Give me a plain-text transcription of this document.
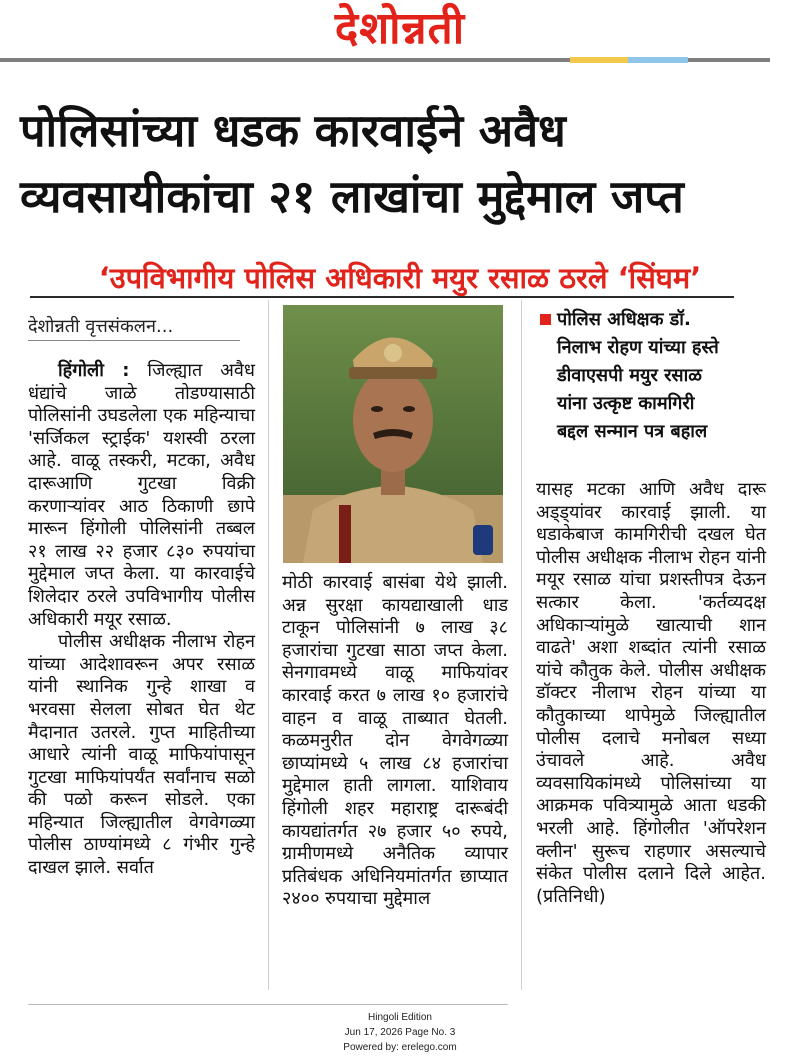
देशोन्नती
पोलिसांच्या धडक कारवाईने अवैध व्यवसायीकांचा २१ लाखांचा मुद्देमाल जप्त
‘उपविभागीय पोलिस अधिकारी मयुर रसाळ ठरले ‘सिंघम’
देशोन्नती वृत्तसंकलन...

हिंगोली : जिल्ह्यात अवैध धंद्यांचे जाळे तोडण्यासाठी पोलिसांनी उघडलेला एक महिन्याचा 'सर्जिकल स्ट्राईक' यशस्वी ठरला आहे. वाळू तस्करी, मटका, अवैध दारूआणि गुटखा विक्री करणाऱ्यांवर आठ ठिकाणी छापे मारून हिंगोली पोलिसांनी तब्बल २१ लाख २२ हजार ८३० रुपयांचा मुद्देमाल जप्त केला. या कारवाईचे शिलेदार ठरले उपविभागीय पोलीस अधिकारी मयूर रसाळ.

पोलीस अधीक्षक नीलाभ रोहन यांच्या आदेशावरून अपर रसाळ यांनी स्थानिक गुन्हे शाखा व भरवसा सेलला सोबत घेत थेट मैदानात उतरले. गुप्त माहितीच्या आधारे त्यांनी वाळू माफियांपासून गुटखा माफियांपर्यंत सर्वांनाच सळो की पळो करून सोडले. एका महिन्यात जिल्ह्यातील वेगवेगळ्या पोलीस ठाण्यांमध्ये ८ गंभीर गुन्हे दाखल झाले. सर्वात

पोलिस अधिक्षक डॉ.
निलाभ रोहण यांच्या हस्ते
डीवाएसपी मयुर रसाळ
यांना उत्कृष्ट कामगिरी
बद्दल सन्मान पत्र बहाल

मोठी कारवाई बासंबा येथे झाली. अन्न सुरक्षा कायद्याखाली धाड टाकून पोलिसांनी ७ लाख ३८ हजारांचा गुटखा साठा जप्त केला. सेनगावमध्ये वाळू माफियांवर कारवाई करत ७ लाख १० हजारांचे वाहन व वाळू ताब्यात घेतली. कळमनुरीत दोन वेगवेगळ्या छाप्यांमध्ये ५ लाख ८४ हजारांचा मुद्देमाल हाती लागला. याशिवाय हिंगोली शहर महाराष्ट्र दारूबंदी कायद्यांतर्गत २७ हजार ५० रुपये, ग्रामीणमध्ये अनैतिक व्यापार प्रतिबंधक अधिनियमांतर्गत छाप्यात २४०० रुपयाचा मुद्देमाल

यासह मटका आणि अवैध दारू अड्ड्यांवर कारवाई झाली. या धडाकेबाज कामगिरीची दखल घेत पोलीस अधीक्षक नीलाभ रोहन यांनी मयूर रसाळ यांचा प्रशस्तीपत्र देऊन सत्कार केला. 'कर्तव्यदक्ष अधिकाऱ्यांमुळे खात्याची शान वाढते' अशा शब्दांत त्यांनी रसाळ यांचे कौतुक केले. पोलीस अधीक्षक डॉक्टर नीलाभ रोहन यांच्या या कौतुकाच्या थापेमुळे जिल्ह्यातील पोलीस दलाचे मनोबल सध्या उंचावले आहे. अवैध व्यवसायिकांमध्ये पोलिसांच्या या आक्रमक पवित्र्यामुळे आता धडकी भरली आहे. हिंगोलीत 'ऑपरेशन क्लीन' सुरूच राहणार असल्याचे संकेत पोलीस दलाने दिले आहेत. (प्रतिनिधी)

Hingoli Edition
Jun 17, 2026 Page No. 3
Powered by: erelego.com
